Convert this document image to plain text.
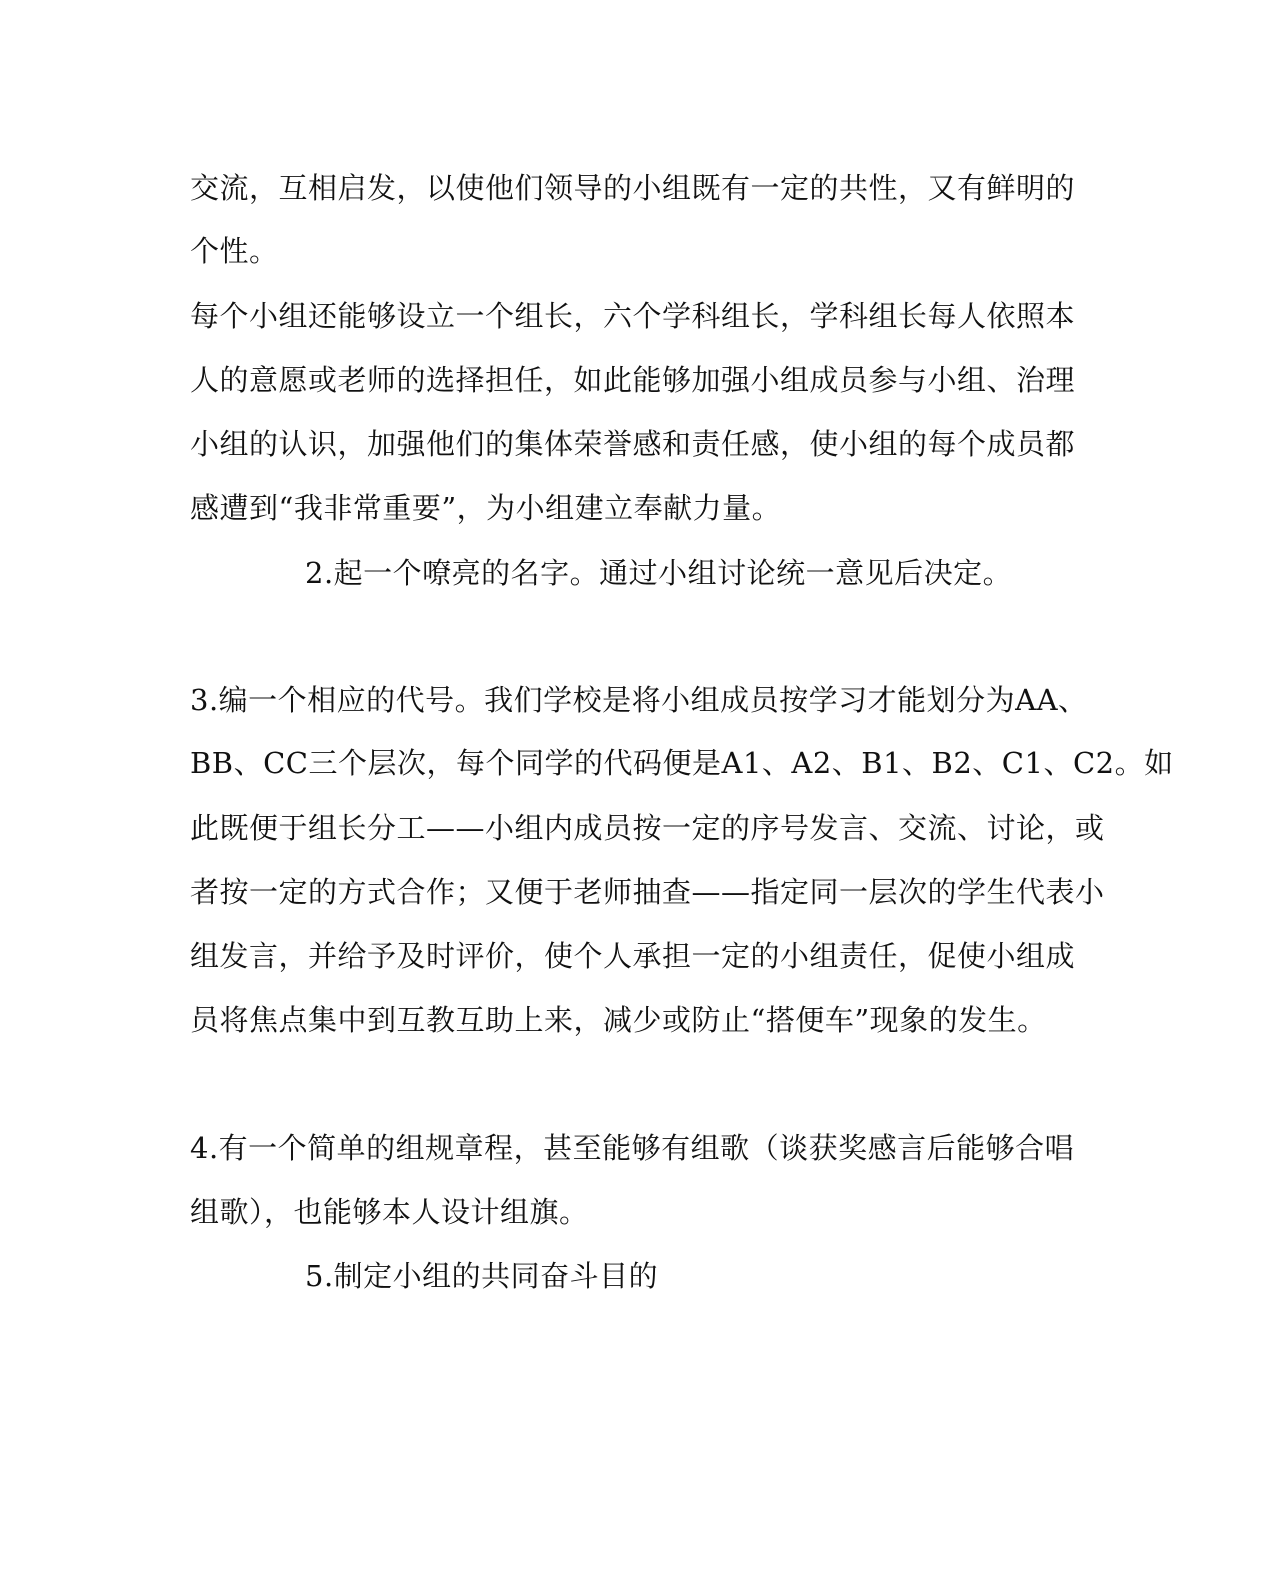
交流，互相启发，以使他们领导的小组既有一定的共性，又有鲜明的
个性。
每个小组还能够设立一个组长，六个学科组长，学科组长每人依照本
人的意愿或老师的选择担任，如此能够加强小组成员参与小组、治理
小组的认识，加强他们的集体荣誉感和责任感，使小组的每个成员都
感遭到“我非常重要”，为小组建立奉献力量。
2.起一个嘹亮的名字。通过小组讨论统一意见后决定。
3.编一个相应的代号。我们学校是将小组成员按学习才能划分为AA、
BB、CC三个层次，每个同学的代码便是A1、A2、B1、B2、C1、C2。如
此既便于组长分工——小组内成员按一定的序号发言、交流、讨论，或
者按一定的方式合作；又便于老师抽查——指定同一层次的学生代表小
组发言，并给予及时评价，使个人承担一定的小组责任，促使小组成
员将焦点集中到互教互助上来，减少或防止“搭便车”现象的发生。
4.有一个简单的组规章程，甚至能够有组歌（谈获奖感言后能够合唱
组歌），也能够本人设计组旗。
5.制定小组的共同奋斗目的
